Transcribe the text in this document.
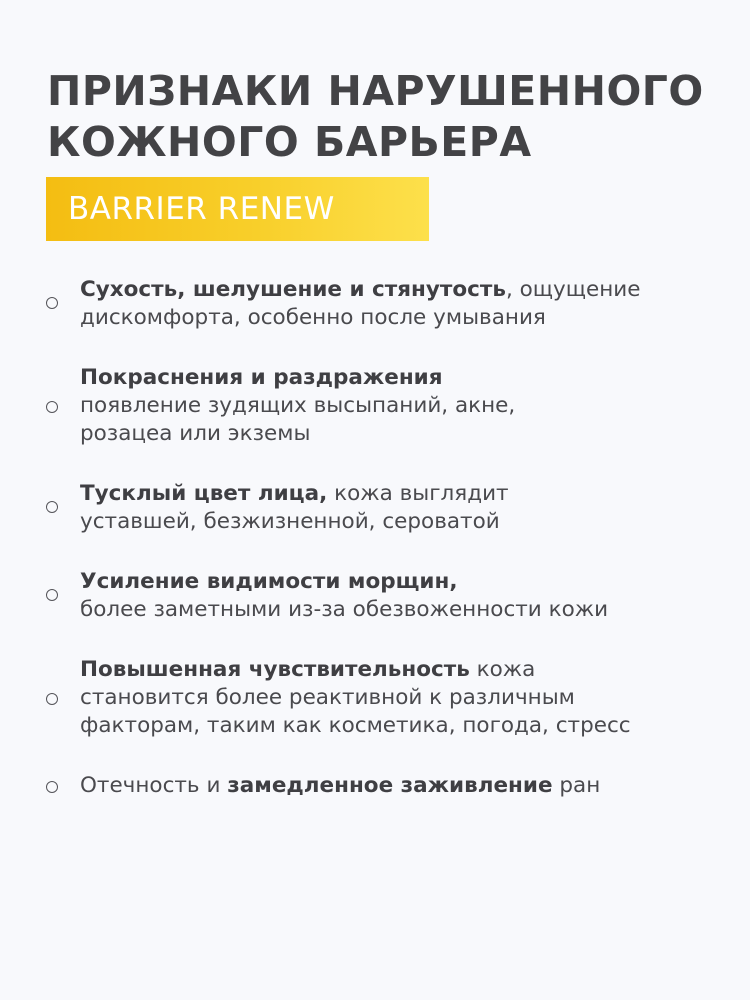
ПРИЗНАКИ НАРУШЕННОГО
КОЖНОГО БАРЬЕРА
BARRIER RENEW
Сухость, шелушение и стянутость, ощущение
дискомфорта, особенно после умывания
Покраснения и раздражения
появление зудящих высыпаний, акне,
розацеа или экземы
Тусклый цвет лица, кожа выглядит
уставшей, безжизненной, сероватой
Усиление видимости морщин,
более заметными из-за обезвоженности кожи
Повышенная чувствительность кожа
становится более реактивной к различным
факторам, таким как косметика, погода, стресс
Отечность и замедленное заживление ран
